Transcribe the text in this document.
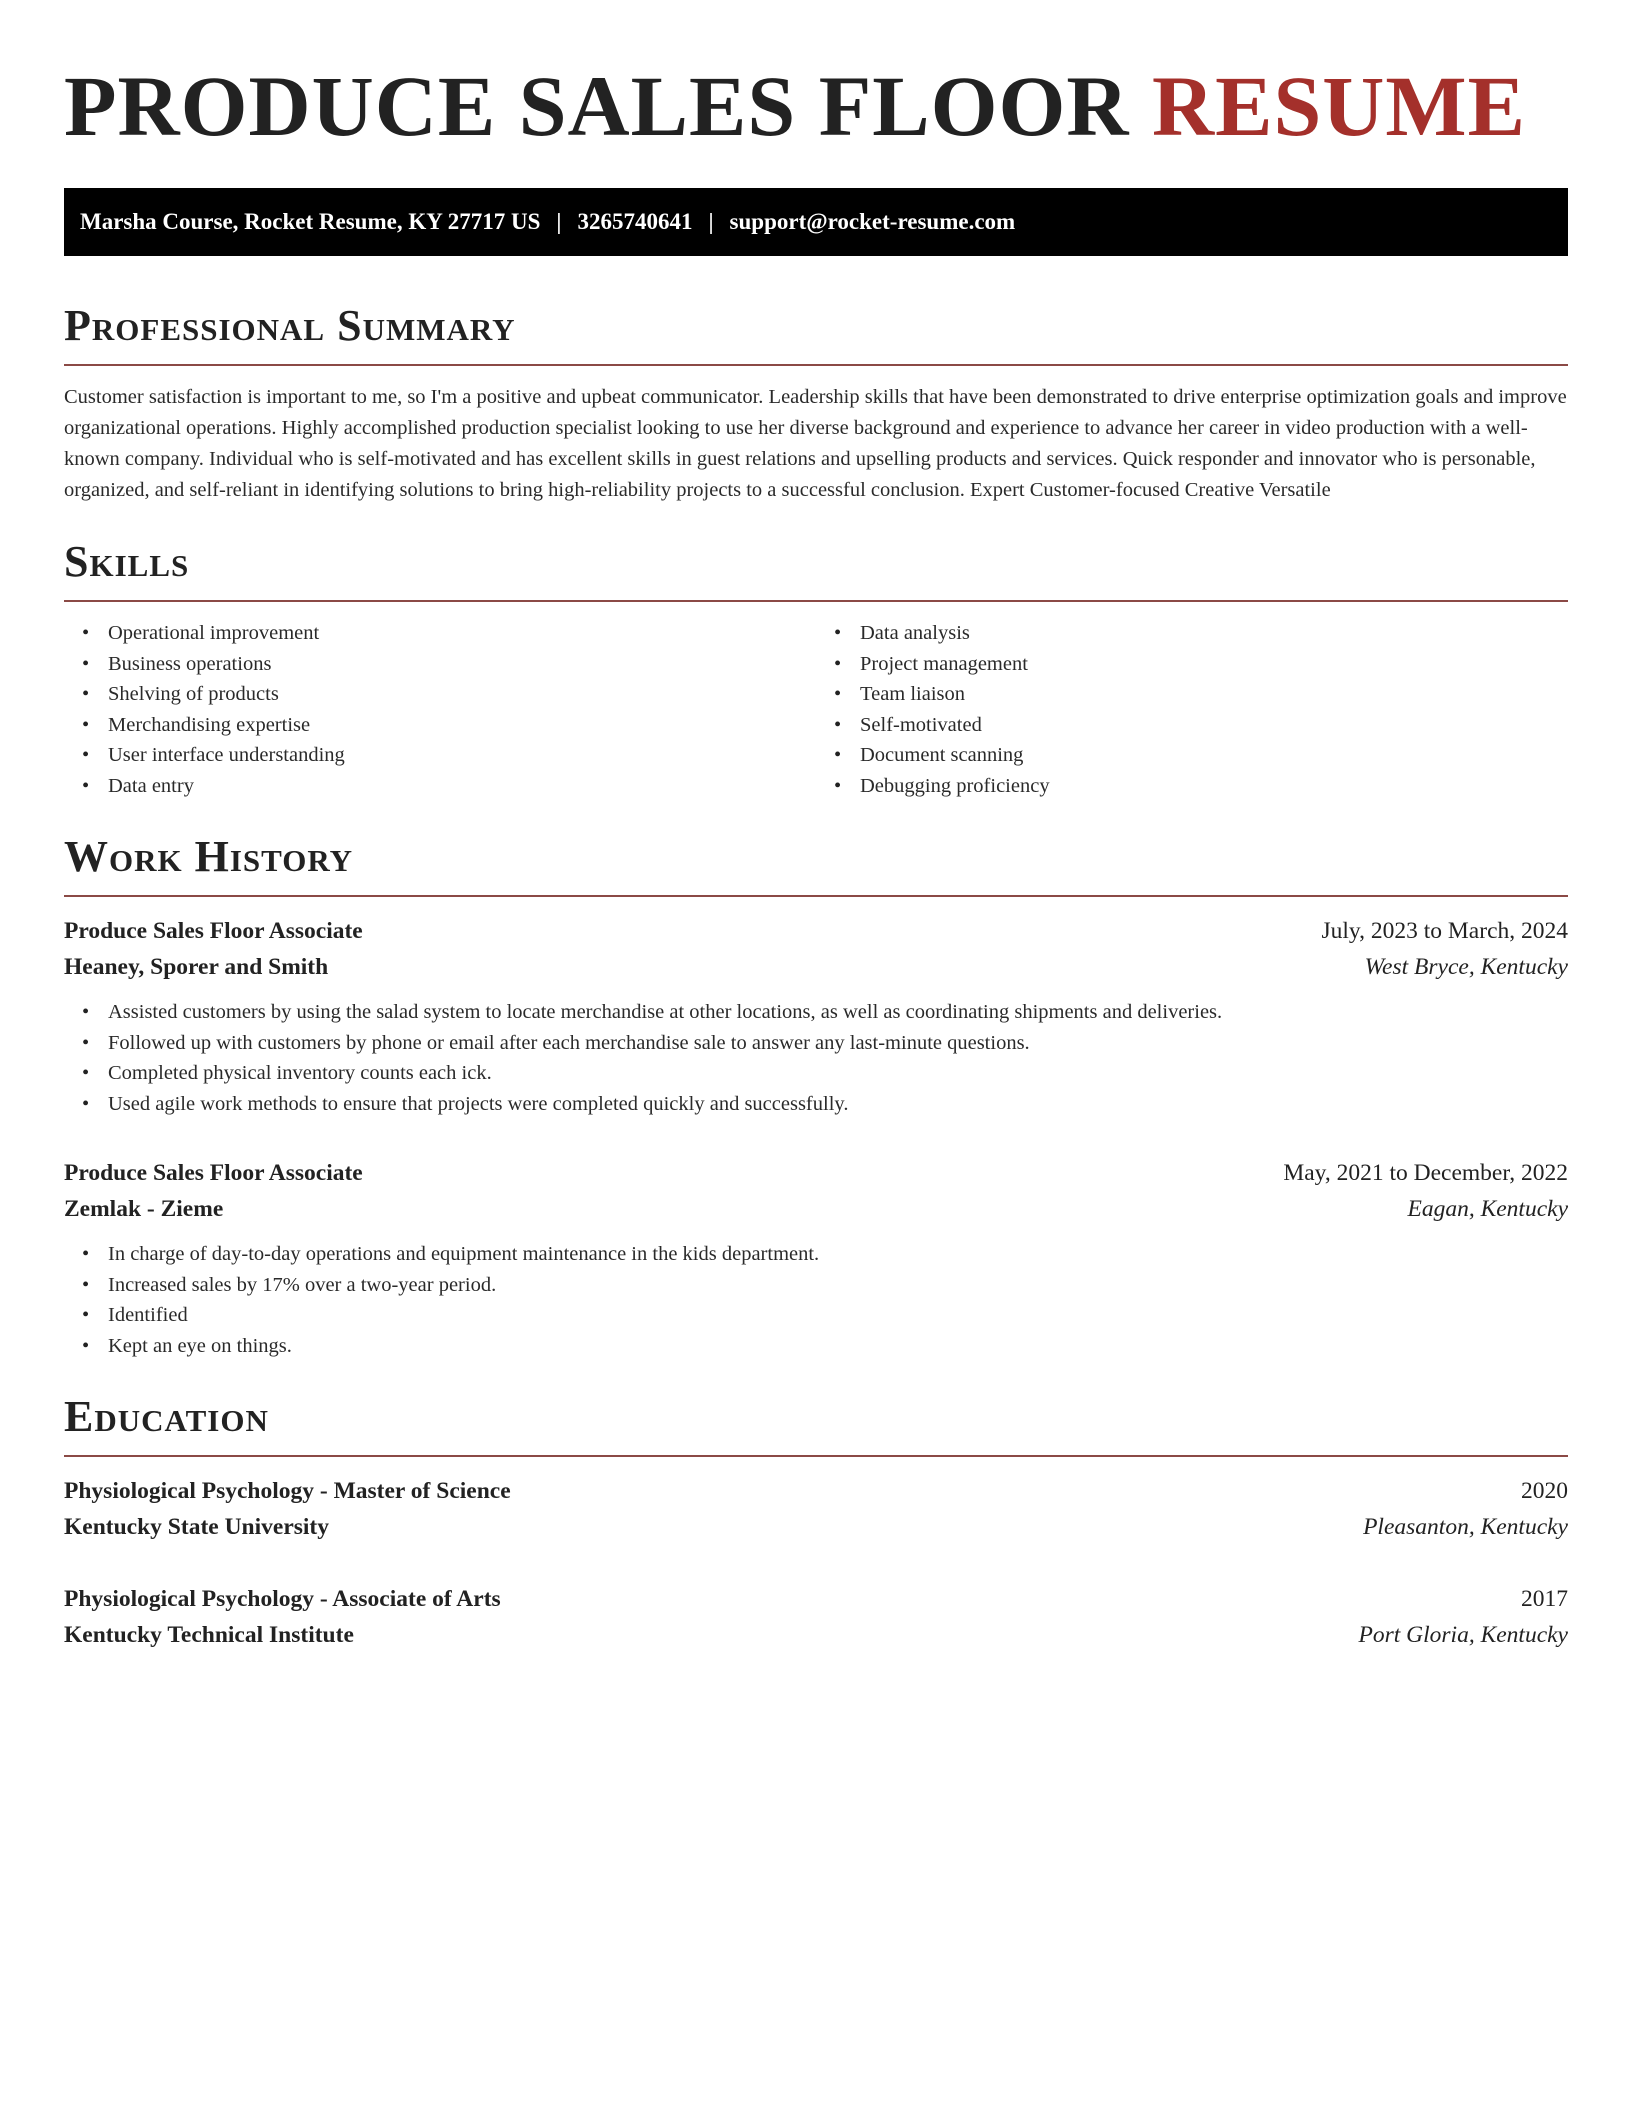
PRODUCE SALES FLOOR RESUME
Marsha Course, Rocket Resume, KY 27717 US | 3265740641 | support@rocket-resume.com
Professional Summary

Customer satisfaction is important to me, so I'm a positive and upbeat communicator. Leadership skills that have been demonstrated to drive enterprise optimization goals and improve organizational operations. Highly accomplished production specialist looking to use her diverse background and experience to advance her career in video production with a well-known company. Individual who is self-motivated and has excellent skills in guest relations and upselling products and services. Quick responder and innovator who is personable, organized, and self-reliant in identifying solutions to bring high-reliability projects to a successful conclusion. Expert Customer-focused Creative Versatile

Skills
• Operational improvement
• Business operations
• Shelving of products
• Merchandising expertise
• User interface understanding
• Data entry
• Data analysis
• Project management
• Team liaison
• Self-motivated
• Document scanning
• Debugging proficiency
Work History
Produce Sales Floor Associate	July, 2023 to March, 2024
Heaney, Sporer and Smith	West Bryce, Kentucky
• Assisted customers by using the salad system to locate merchandise at other locations, as well as coordinating shipments and deliveries.
• Followed up with customers by phone or email after each merchandise sale to answer any last-minute questions.
• Completed physical inventory counts each ick.
• Used agile work methods to ensure that projects were completed quickly and successfully.
Produce Sales Floor Associate	May, 2021 to December, 2022
Zemlak - Zieme	Eagan, Kentucky
• In charge of day-to-day operations and equipment maintenance in the kids department.
• Increased sales by 17% over a two-year period.
• Identified
• Kept an eye on things.
Education
Physiological Psychology - Master of Science	2020
Kentucky State University	Pleasanton, Kentucky
Physiological Psychology - Associate of Arts	2017
Kentucky Technical Institute	Port Gloria, Kentucky
